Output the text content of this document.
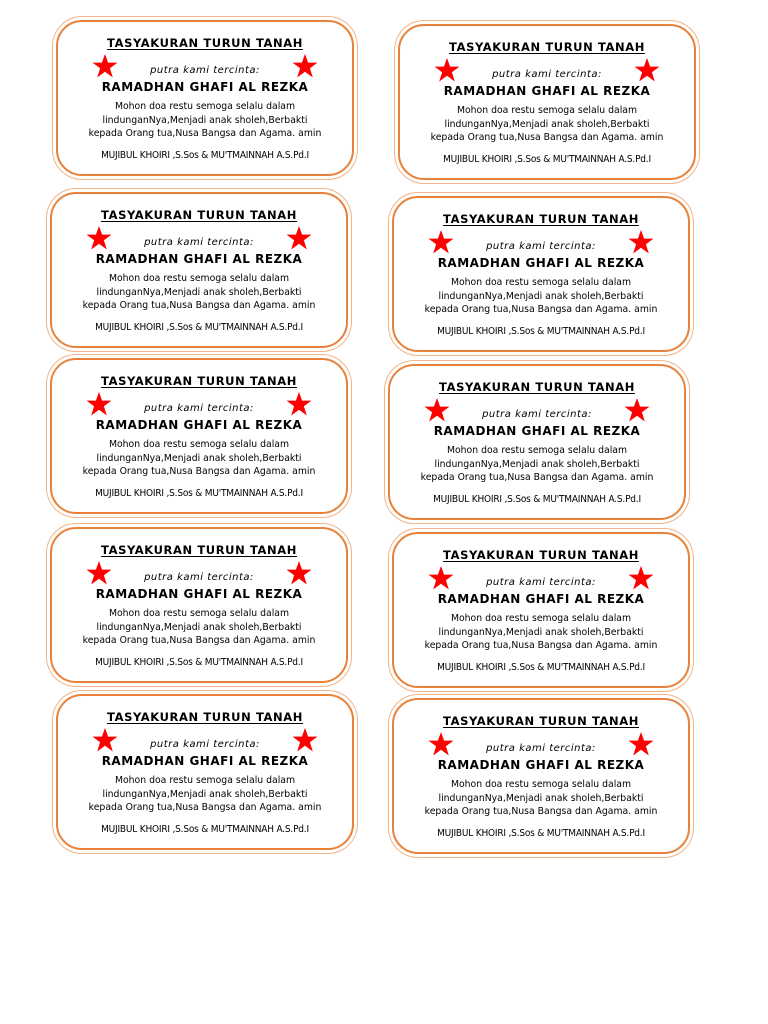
TASYAKURAN TURUN TANAH
putra kami tercinta:
RAMADHAN GHAFI AL REZKA
Mohon doa restu semoga selalu dalam
lindunganNya,Menjadi anak sholeh,Berbakti
kepada Orang tua,Nusa Bangsa dan Agama. amin
MUJIBUL KHOIRI ,S.Sos & MU'TMAINNAH A.S.Pd.I
TASYAKURAN TURUN TANAH
putra kami tercinta:
RAMADHAN GHAFI AL REZKA
Mohon doa restu semoga selalu dalam
lindunganNya,Menjadi anak sholeh,Berbakti
kepada Orang tua,Nusa Bangsa dan Agama. amin
MUJIBUL KHOIRI ,S.Sos & MU'TMAINNAH A.S.Pd.I
TASYAKURAN TURUN TANAH
putra kami tercinta:
RAMADHAN GHAFI AL REZKA
Mohon doa restu semoga selalu dalam
lindunganNya,Menjadi anak sholeh,Berbakti
kepada Orang tua,Nusa Bangsa dan Agama. amin
MUJIBUL KHOIRI ,S.Sos & MU'TMAINNAH A.S.Pd.I
TASYAKURAN TURUN TANAH
putra kami tercinta:
RAMADHAN GHAFI AL REZKA
Mohon doa restu semoga selalu dalam
lindunganNya,Menjadi anak sholeh,Berbakti
kepada Orang tua,Nusa Bangsa dan Agama. amin
MUJIBUL KHOIRI ,S.Sos & MU'TMAINNAH A.S.Pd.I
TASYAKURAN TURUN TANAH
putra kami tercinta:
RAMADHAN GHAFI AL REZKA
Mohon doa restu semoga selalu dalam
lindunganNya,Menjadi anak sholeh,Berbakti
kepada Orang tua,Nusa Bangsa dan Agama. amin
MUJIBUL KHOIRI ,S.Sos & MU'TMAINNAH A.S.Pd.I
TASYAKURAN TURUN TANAH
putra kami tercinta:
RAMADHAN GHAFI AL REZKA
Mohon doa restu semoga selalu dalam
lindunganNya,Menjadi anak sholeh,Berbakti
kepada Orang tua,Nusa Bangsa dan Agama. amin
MUJIBUL KHOIRI ,S.Sos & MU'TMAINNAH A.S.Pd.I
TASYAKURAN TURUN TANAH
putra kami tercinta:
RAMADHAN GHAFI AL REZKA
Mohon doa restu semoga selalu dalam
lindunganNya,Menjadi anak sholeh,Berbakti
kepada Orang tua,Nusa Bangsa dan Agama. amin
MUJIBUL KHOIRI ,S.Sos & MU'TMAINNAH A.S.Pd.I
TASYAKURAN TURUN TANAH
putra kami tercinta:
RAMADHAN GHAFI AL REZKA
Mohon doa restu semoga selalu dalam
lindunganNya,Menjadi anak sholeh,Berbakti
kepada Orang tua,Nusa Bangsa dan Agama. amin
MUJIBUL KHOIRI ,S.Sos & MU'TMAINNAH A.S.Pd.I
TASYAKURAN TURUN TANAH
putra kami tercinta:
RAMADHAN GHAFI AL REZKA
Mohon doa restu semoga selalu dalam
lindunganNya,Menjadi anak sholeh,Berbakti
kepada Orang tua,Nusa Bangsa dan Agama. amin
MUJIBUL KHOIRI ,S.Sos & MU'TMAINNAH A.S.Pd.I
TASYAKURAN TURUN TANAH
putra kami tercinta:
RAMADHAN GHAFI AL REZKA
Mohon doa restu semoga selalu dalam
lindunganNya,Menjadi anak sholeh,Berbakti
kepada Orang tua,Nusa Bangsa dan Agama. amin
MUJIBUL KHOIRI ,S.Sos & MU'TMAINNAH A.S.Pd.I
